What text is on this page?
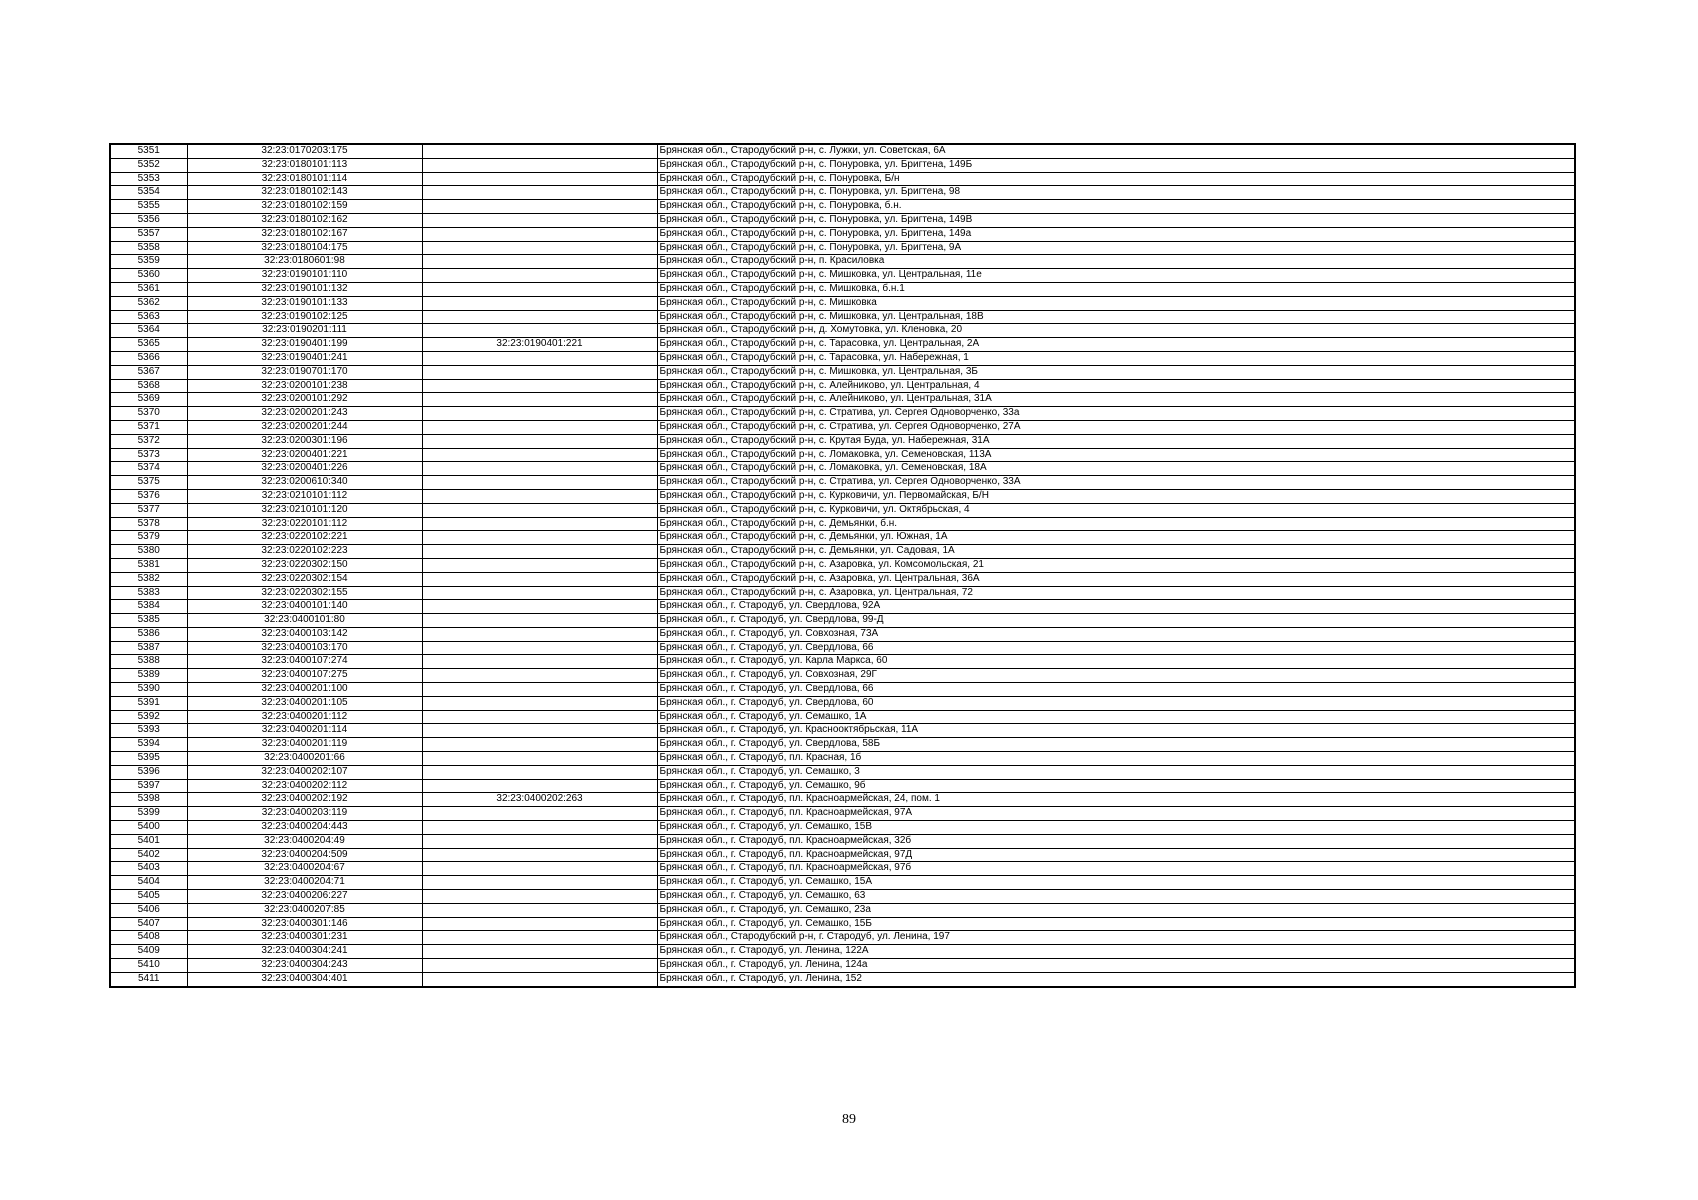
5351	32:23:0170203:175		Брянская обл., Стародубский р-н, с. Лужки, ул. Советская, 6А
5352	32:23:0180101:113		Брянская обл., Стародубский р-н, с. Понуровка, ул. Бригтена, 149Б
5353	32:23:0180101:114		Брянская обл., Стародубский р-н, с. Понуровка, Б/н
5354	32:23:0180102:143		Брянская обл., Стародубский р-н, с. Понуровка, ул. Бригтена, 98
5355	32:23:0180102:159		Брянская обл., Стародубский р-н, с. Понуровка, б.н.
5356	32:23:0180102:162		Брянская обл., Стародубский р-н, с. Понуровка, ул. Бригтена, 149В
5357	32:23:0180102:167		Брянская обл., Стародубский р-н, с. Понуровка, ул. Бригтена, 149а
5358	32:23:0180104:175		Брянская обл., Стародубский р-н, с. Понуровка, ул. Бригтена, 9А
5359	32:23:0180601:98		Брянская обл., Стародубский р-н, п. Красиловка
5360	32:23:0190101:110		Брянская обл., Стародубский р-н, с. Мишковка, ул. Центральная, 11е
5361	32:23:0190101:132		Брянская обл., Стародубский р-н, с. Мишковка, б.н.1
5362	32:23:0190101:133		Брянская обл., Стародубский р-н, с. Мишковка
5363	32:23:0190102:125		Брянская обл., Стародубский р-н, с. Мишковка, ул. Центральная, 18В
5364	32:23:0190201:111		Брянская обл., Стародубский р-н, д. Хомутовка, ул. Кленовка, 20
5365	32:23:0190401:199	32:23:0190401:221	Брянская обл., Стародубский р-н, с. Тарасовка, ул. Центральная, 2А
5366	32:23:0190401:241		Брянская обл., Стародубский р-н, с. Тарасовка, ул. Набережная, 1
5367	32:23:0190701:170		Брянская обл., Стародубский р-н, с. Мишковка, ул. Центральная, 3Б
5368	32:23:0200101:238		Брянская обл., Стародубский р-н, с. Алейниково, ул. Центральная, 4
5369	32:23:0200101:292		Брянская обл., Стародубский р-н, с. Алейниково, ул. Центральная, 31А
5370	32:23:0200201:243		Брянская обл., Стародубский р-н, с. Стратива, ул. Сергея Одноворченко, 33а
5371	32:23:0200201:244		Брянская обл., Стародубский р-н, с. Стратива, ул. Сергея Одноворченко, 27А
5372	32:23:0200301:196		Брянская обл., Стародубский р-н, с. Крутая Буда, ул. Набережная, 31А
5373	32:23:0200401:221		Брянская обл., Стародубский р-н, с. Ломаковка, ул. Семеновская, 113А
5374	32:23:0200401:226		Брянская обл., Стародубский р-н, с. Ломаковка, ул. Семеновская, 18А
5375	32:23:0200610:340		Брянская обл., Стародубский р-н, с. Стратива, ул. Сергея Одноворченко, 33А
5376	32:23:0210101:112		Брянская обл., Стародубский р-н, с. Курковичи, ул. Первомайская, Б/Н
5377	32:23:0210101:120		Брянская обл., Стародубский р-н, с. Курковичи, ул. Октябрьская, 4
5378	32:23:0220101:112		Брянская обл., Стародубский р-н, с. Демьянки, б.н.
5379	32:23:0220102:221		Брянская обл., Стародубский р-н, с. Демьянки, ул. Южная, 1А
5380	32:23:0220102:223		Брянская обл., Стародубский р-н, с. Демьянки, ул. Садовая, 1А
5381	32:23:0220302:150		Брянская обл., Стародубский р-н, с. Азаровка, ул. Комсомольская, 21
5382	32:23:0220302:154		Брянская обл., Стародубский р-н, с. Азаровка, ул. Центральная, 36А
5383	32:23:0220302:155		Брянская обл., Стародубский р-н, с. Азаровка, ул. Центральная, 72
5384	32:23:0400101:140		Брянская обл., г. Стародуб, ул. Свердлова, 92А
5385	32:23:0400101:80		Брянская обл., г. Стародуб, ул. Свердлова, 99-Д
5386	32:23:0400103:142		Брянская обл., г. Стародуб, ул. Совхозная, 73А
5387	32:23:0400103:170		Брянская обл., г. Стародуб, ул. Свердлова, 66
5388	32:23:0400107:274		Брянская обл., г. Стародуб, ул. Карла Маркса, 60
5389	32:23:0400107:275		Брянская обл., г. Стародуб, ул. Совхозная, 29Г
5390	32:23:0400201:100		Брянская обл., г. Стародуб, ул. Свердлова, 66
5391	32:23:0400201:105		Брянская обл., г. Стародуб, ул. Свердлова, 60
5392	32:23:0400201:112		Брянская обл., г. Стародуб, ул. Семашко, 1А
5393	32:23:0400201:114		Брянская обл., г. Стародуб, ул. Краснооктябрьская, 11А
5394	32:23:0400201:119		Брянская обл., г. Стародуб, ул. Свердлова, 58Б
5395	32:23:0400201:66		Брянская обл., г. Стародуб, пл. Красная, 1б
5396	32:23:0400202:107		Брянская обл., г. Стародуб, ул. Семашко, 3
5397	32:23:0400202:112		Брянская обл., г. Стародуб, ул. Семашко, 9б
5398	32:23:0400202:192	32:23:0400202:263	Брянская обл., г. Стародуб, пл. Красноармейская, 24, пом. 1
5399	32:23:0400203:119		Брянская обл., г. Стародуб, пл. Красноармейская, 97А
5400	32:23:0400204:443		Брянская обл., г. Стародуб, ул. Семашко, 15В
5401	32:23:0400204:49		Брянская обл., г. Стародуб, пл. Красноармейская, 32б
5402	32:23:0400204:509		Брянская обл., г. Стародуб, пл. Красноармейская, 97Д
5403	32:23:0400204:67		Брянская обл., г. Стародуб, пл. Красноармейская, 97б
5404	32:23:0400204:71		Брянская обл., г. Стародуб, ул. Семашко, 15А
5405	32:23:0400206:227		Брянская обл., г. Стародуб, ул. Семашко, 63
5406	32:23:0400207:85		Брянская обл., г. Стародуб, ул. Семашко, 23а
5407	32:23:0400301:146		Брянская обл., г. Стародуб, ул. Семашко, 15Б
5408	32:23:0400301:231		Брянская обл., Стародубский р-н, г. Стародуб, ул. Ленина, 197
5409	32:23:0400304:241		Брянская обл., г. Стародуб, ул. Ленина, 122А
5410	32:23:0400304:243		Брянская обл., г. Стародуб, ул. Ленина, 124а
5411	32:23:0400304:401		Брянская обл., г. Стародуб, ул. Ленина, 152
89
